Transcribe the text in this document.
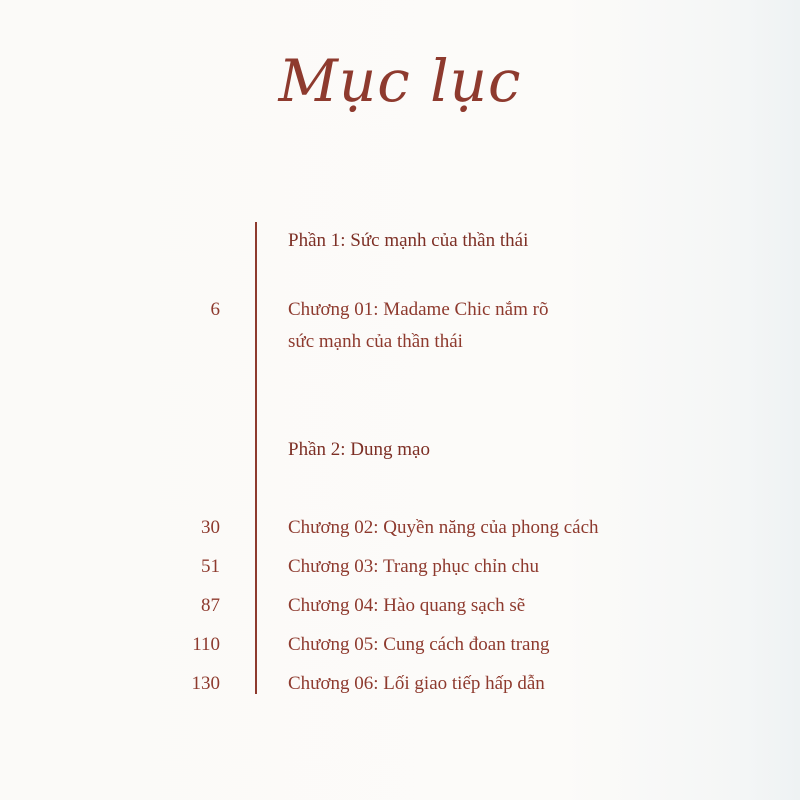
Mục lục
Phần 1: Sức mạnh của thần thái
6	Chương 01: Madame Chic nắm rõ
sức mạnh của thần thái
Phần 2: Dung mạo
30	Chương 02: Quyền năng của phong cách
51	Chương 03: Trang phục chỉn chu
87	Chương 04: Hào quang sạch sẽ
110	Chương 05: Cung cách đoan trang
130	Chương 06: Lối giao tiếp hấp dẫn
